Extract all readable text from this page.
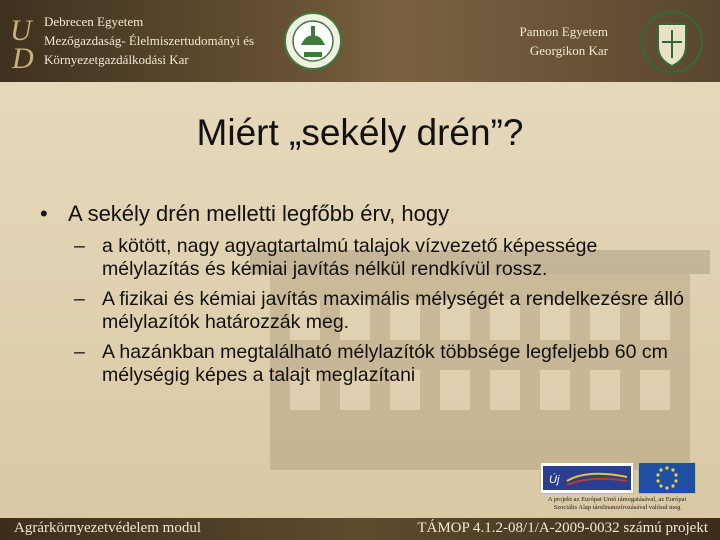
U
D
Debrecen Egyetem
Mezőgazdaság- Élelmiszertudományi és
Környezetgazdálkodási Kar
Pannon Egyetem
Georgikon Kar
Miért „sekély drén”?
• A sekély drén melletti legfőbb érv, hogy
– a kötött, nagy agyagtartalmú talajok vízvezető képessége mélylazítás és kémiai javítás nélkül rendkívül rossz.
– A fizikai és kémiai javítás maximális mélységét a rendelkezésre álló mélylazítók határozzák meg.
– A hazánkban megtalálható mélylazítók többsége legfeljebb 60 cm mélységig képes a talajt meglazítani
Új
A projekt az Európai Unió támogatásával, az Európai
Szociális Alap társfinanszírozásával valósul meg
Agrárkörnyezetvédelem modul	TÁMOP 4.1.2-08/1/A-2009-0032 számú projekt
